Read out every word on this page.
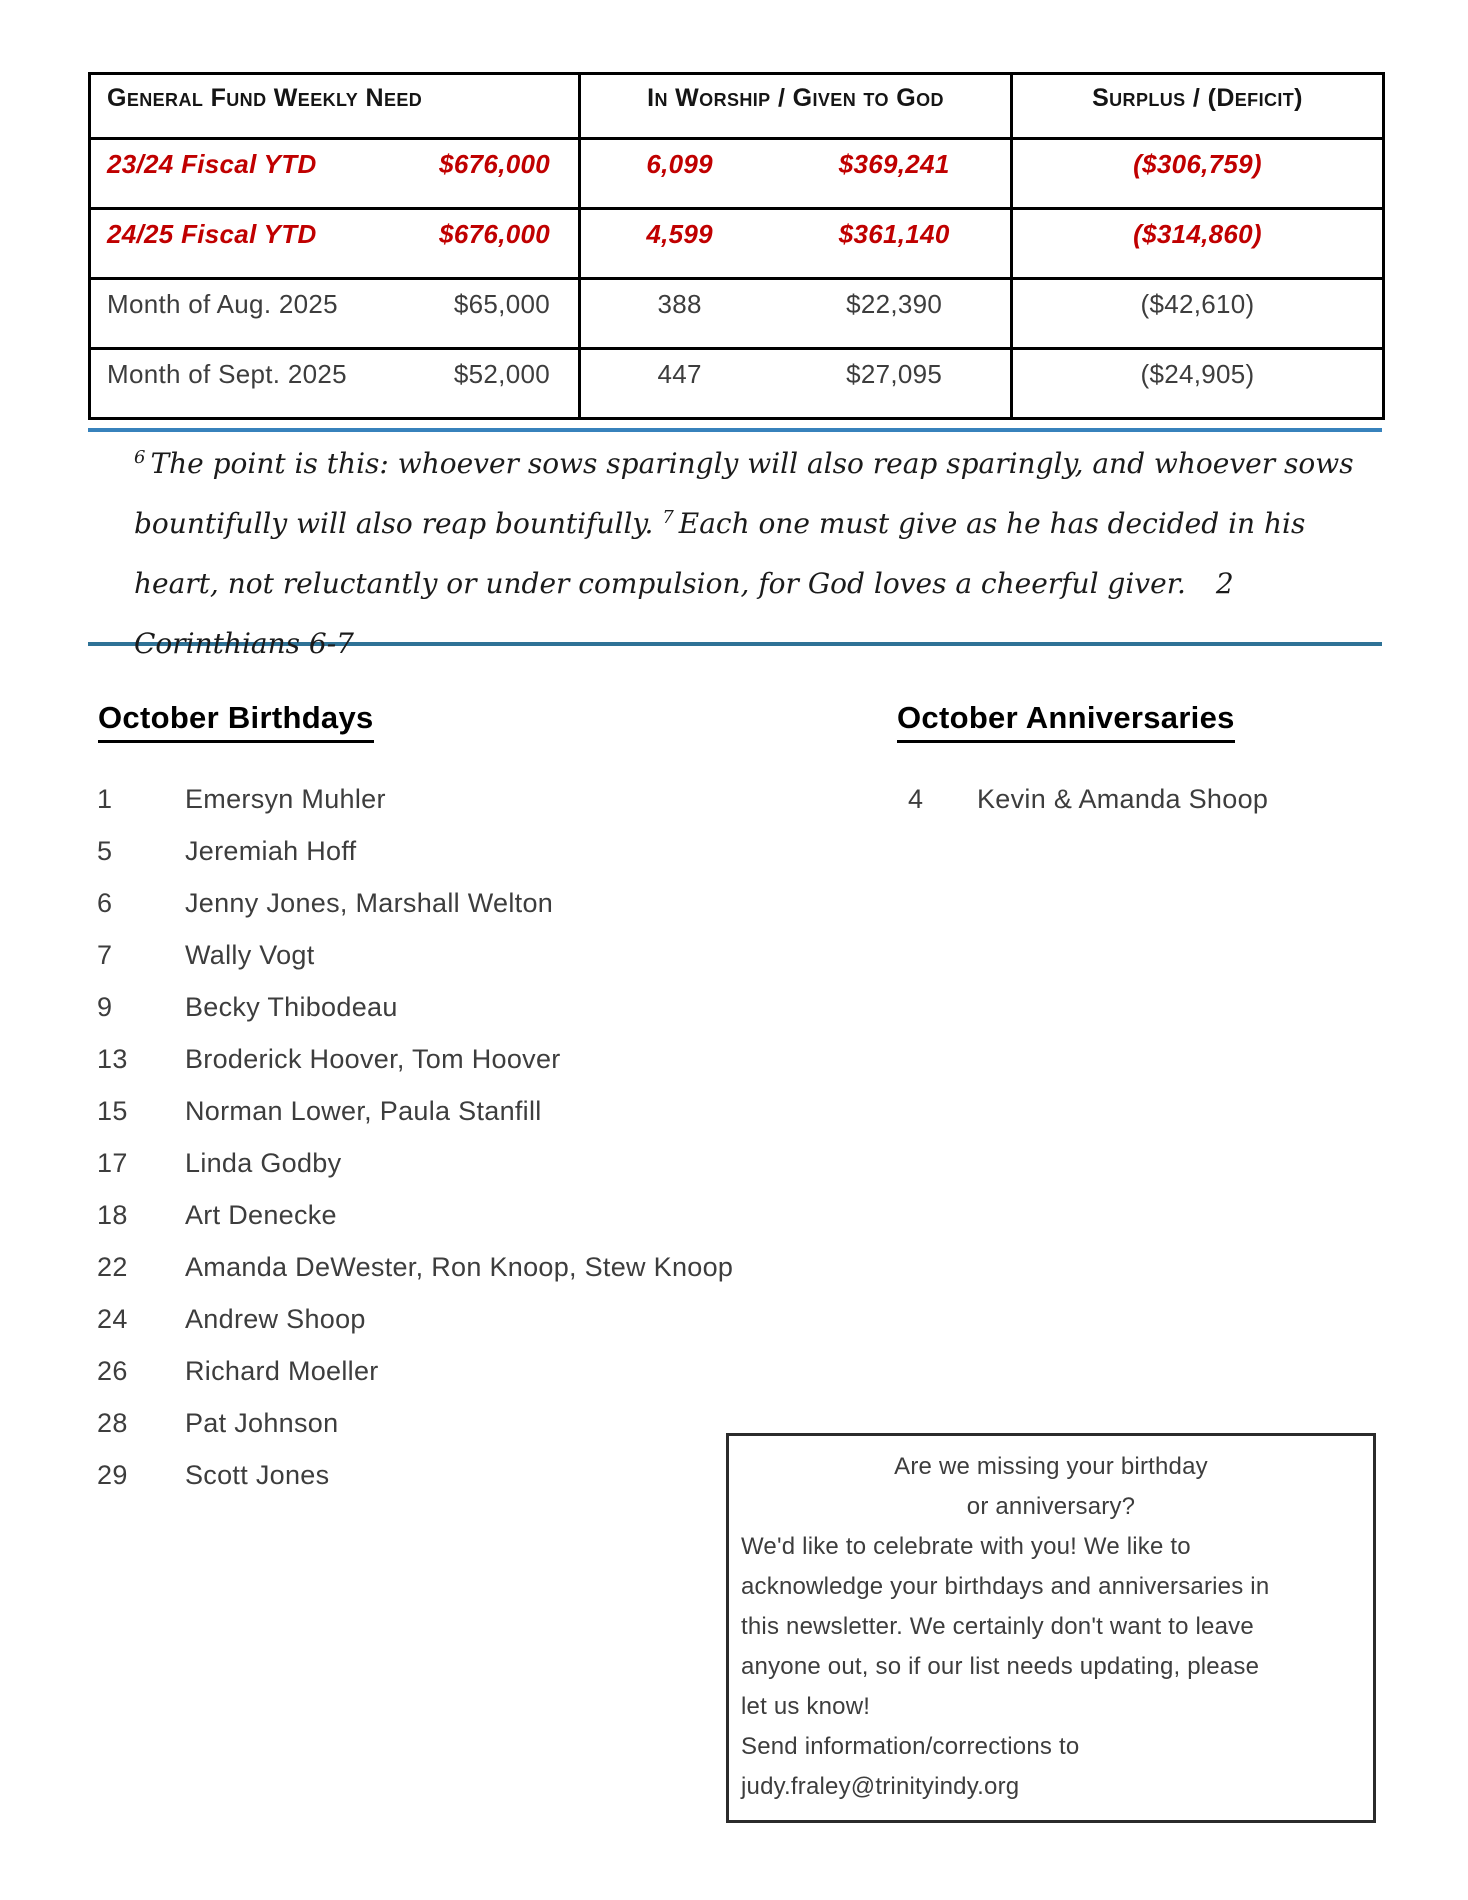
General Fund Weekly Need	In Worship / Given to God	Surplus / (Deficit)

23/24 Fiscal YTD $676,000	6,099 $369,241	($306,759)

24/25 Fiscal YTD $676,000	4,599 $361,140	($314,860)

Month of Aug. 2025 $65,000	388 $22,390	($42,610)

Month of Sept. 2025 $52,000	447 $27,095	($24,905)
$^6$ The point is this: whoever sows sparingly will also reap sparingly, and whoever sows bountifully will also reap bountifully. $^7$ Each one must give as he has decided in his heart, not reluctantly or under compulsion, for God loves a cheerful giver. 2 Corinthians 6-7
October Birthdays	October Anniversaries
1	Emersyn Muhler
5	Jeremiah Hoff
6	Jenny Jones, Marshall Welton
7	Wally Vogt
9	Becky Thibodeau
13	Broderick Hoover, Tom Hoover
15	Norman Lower, Paula Stanfill
17	Linda Godby
18	Art Denecke
22	Amanda DeWester, Ron Knoop, Stew Knoop
24	Andrew Shoop
26	Richard Moeller
28	Pat Johnson
29	Scott Jones
4	Kevin & Amanda Shoop
Are we missing your birthday
or anniversary?
We'd like to celebrate with you! We like to
acknowledge your birthdays and anniversaries in
this newsletter. We certainly don't want to leave
anyone out, so if our list needs updating, please
let us know!
Send information/corrections to
judy.fraley@trinityindy.org
